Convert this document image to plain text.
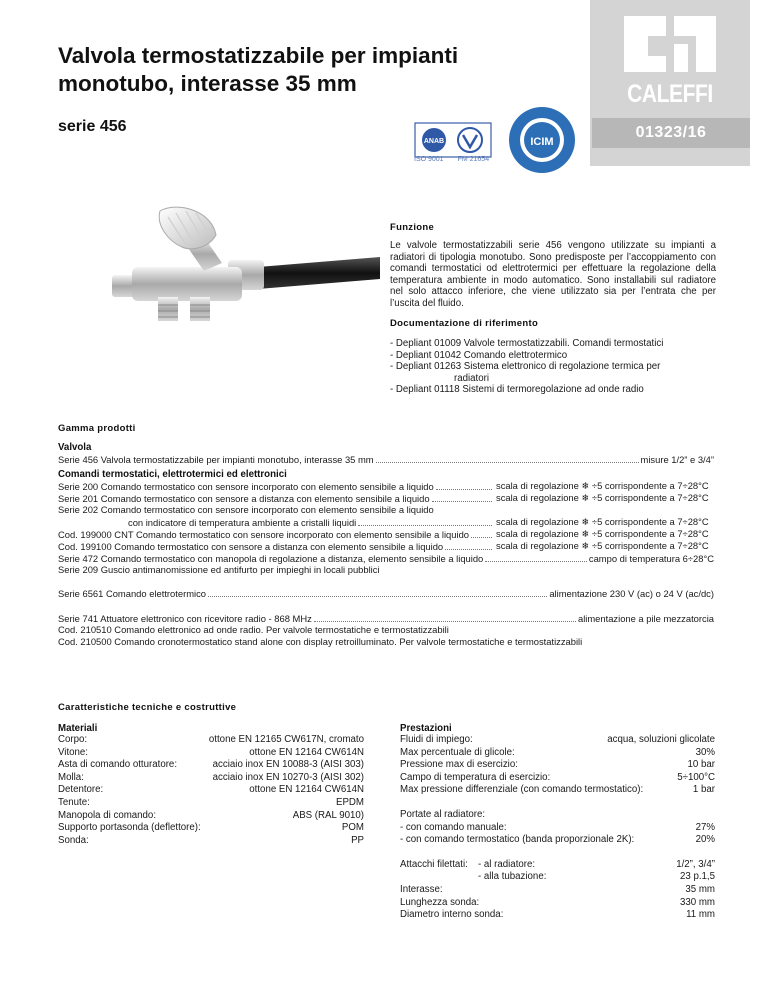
Valvola termostatizzabile per impianti
monotubo, interasse 35 mm
serie 456
CALEFFI
01323/16
ANAB
ISO 9001 FM 21654
ICIM
Funzione
Le valvole termostatizzabili serie 456 vengono utilizzate su impianti a radiatori di tipologia monotubo. Sono predisposte per l’accoppiamento con comandi termostatici od elettrotermici per effettuare la regolazione della temperatura ambiente in modo automatico. Sono installabili sul radiatore nel solo attacco inferiore, che viene utilizzato sia per l’entrata che per l’uscita del fluido.
Documentazione di riferimento
- Depliant 01009 Valvole termostatizzabili. Comandi termostatici
- Depliant 01042 Comando elettrotermico
- Depliant 01263 Sistema elettronico di regolazione termica per
radiatori
- Depliant 01118 Sistemi di termoregolazione ad onde radio
Gamma prodotti
Valvola
Serie 456 Valvola termostatizzabile per impianti monotubo, interasse 35 mm	misure 1/2” e 3/4”
Comandi termostatici, elettrotermici ed elettronici
Serie 200 Comando termostatico con sensore incorporato con elemento sensibile a liquido	scala di regolazione ❄ ÷5 corrispondente a 7÷28°C
Serie 201 Comando termostatico con sensore a distanza con elemento sensibile a liquido	scala di regolazione ❄ ÷5 corrispondente a 7÷28°C
Serie 202 Comando termostatico con sensore incorporato con elemento sensibile a liquido
con indicatore di temperatura ambiente a cristalli liquidi	scala di regolazione ❄ ÷5 corrispondente a 7÷28°C
Cod. 199000 CNT Comando termostatico con sensore incorporato con elemento sensibile a liquido	scala di regolazione ❄ ÷5 corrispondente a 7÷28°C
Cod. 199100 Comando termostatico con sensore a distanza con elemento sensibile a liquido	scala di regolazione ❄ ÷5 corrispondente a 7÷28°C
Serie 472 Comando termostatico con manopola di regolazione a distanza, elemento sensibile a liquido	campo di temperatura 6÷28°C
Serie 209 Guscio antimanomissione ed antifurto per impieghi in locali pubblici
Serie 6561 Comando elettrotermico	alimentazione 230 V (ac) o 24 V (ac/dc)
Serie 741 Attuatore elettronico con ricevitore radio - 868 MHz	alimentazione a pile mezzatorcia
Cod. 210510 Comando elettronico ad onde radio. Per valvole termostatiche e termostatizzabili
Cod. 210500 Comando cronotermostatico stand alone con display retroilluminato. Per valvole termostatiche e termostatizzabili
Caratteristiche tecniche e costruttive
Materiali
Corpo:	ottone EN 12165 CW617N, cromato
Vitone:	ottone EN 12164 CW614N
Asta di comando otturatore:	acciaio inox EN 10088-3 (AISI 303)
Molla:	acciaio inox EN 10270-3 (AISI 302)
Detentore:	ottone EN 12164 CW614N
Tenute:	EPDM
Manopola di comando:	ABS (RAL 9010)
Supporto portasonda (deflettore):	POM
Sonda:	PP
Prestazioni
Fluidi di impiego:	acqua, soluzioni glicolate
Max percentuale di glicole:	30%
Pressione max di esercizio:	10 bar
Campo di temperatura di esercizio:	5÷100°C
Max pressione differenziale (con comando termostatico):	1 bar
Portate al radiatore:
- con comando manuale:	27%
- con comando termostatico (banda proporzionale 2K):	20%
Attacchi filettati:	- al radiatore:	1/2”, 3/4”
- alla tubazione:	23 p.1,5
Interasse:	35 mm
Lunghezza sonda:	330 mm
Diametro interno sonda:	11 mm
